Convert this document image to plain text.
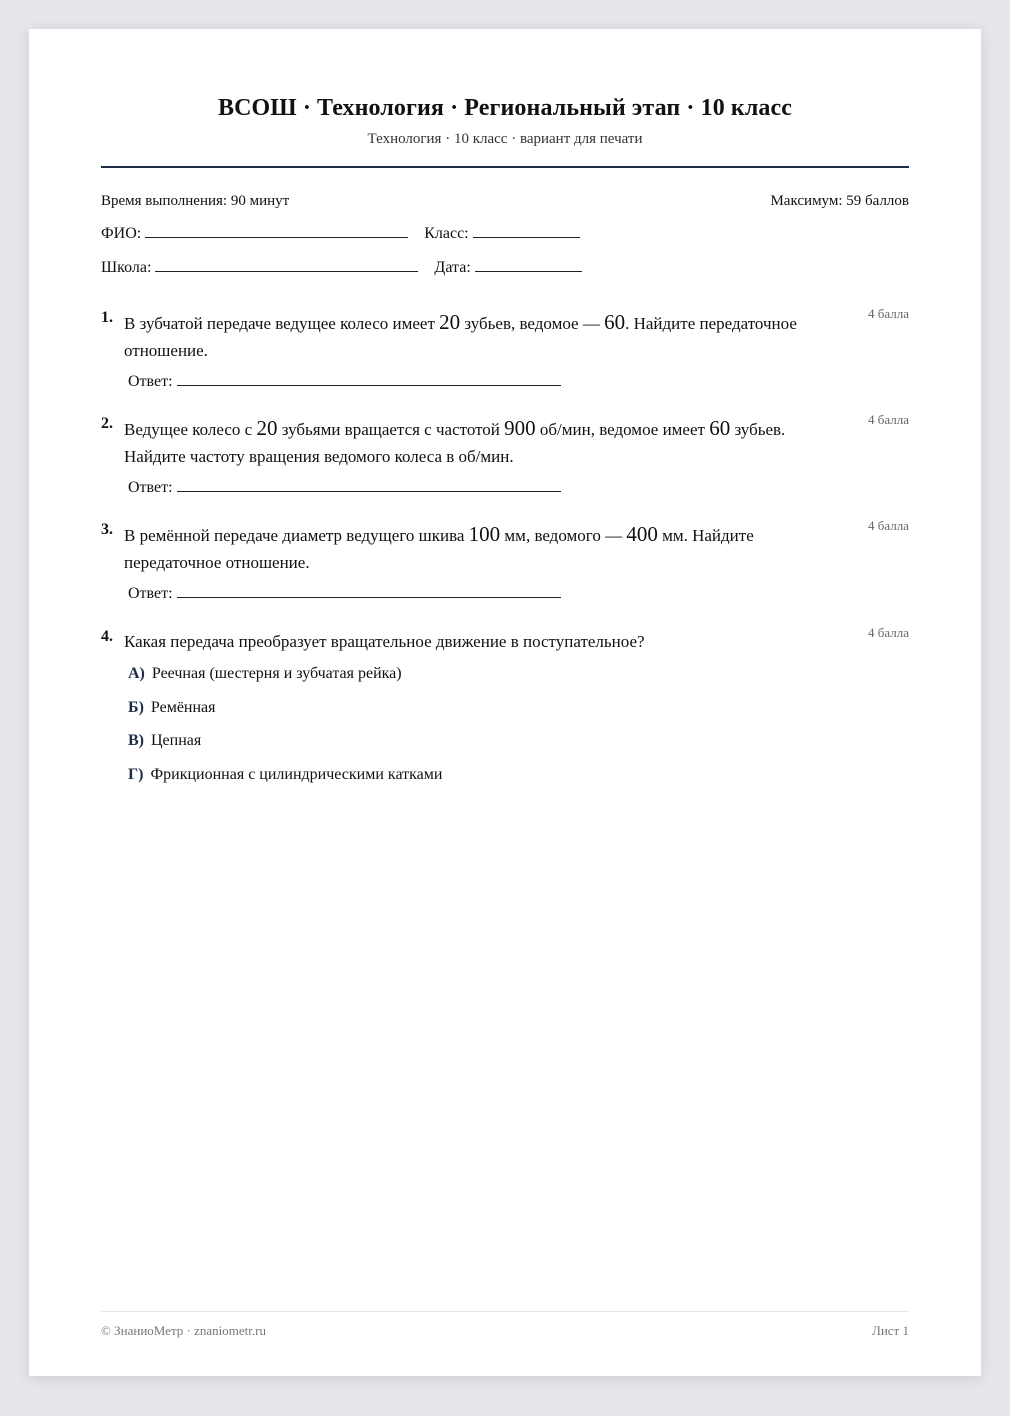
ВСОШ · Технология · Региональный этап · 10 класс
Технология · 10 класс · вариант для печати
Время выполнения: 90 минут	Максимум: 59 баллов
ФИО:	Класс:
Школа:	Дата:
1. В зубчатой передаче ведущее колесо имеет 20 зубьев, ведомое — 60. Найдите передаточное отношение.
4 балла
Ответ:
2. Ведущее колесо с 20 зубьями вращается с частотой 900 об/мин, ведомое имеет 60 зубьев. Найдите частоту вращения ведомого колеса в об/мин.
4 балла
Ответ:
3. В ремённой передаче диаметр ведущего шкива 100 мм, ведомого — 400 мм. Найдите передаточное отношение.
4 балла
Ответ:
4. Какая передача преобразует вращательное движение в поступательное?	4 балла
А) Реечная (шестерня и зубчатая рейка)
Б) Ремённая
В) Цепная
Г) Фрикционная с цилиндрическими катками
© ЗнаниоМетр · znaniometr.ru	Лист 1
